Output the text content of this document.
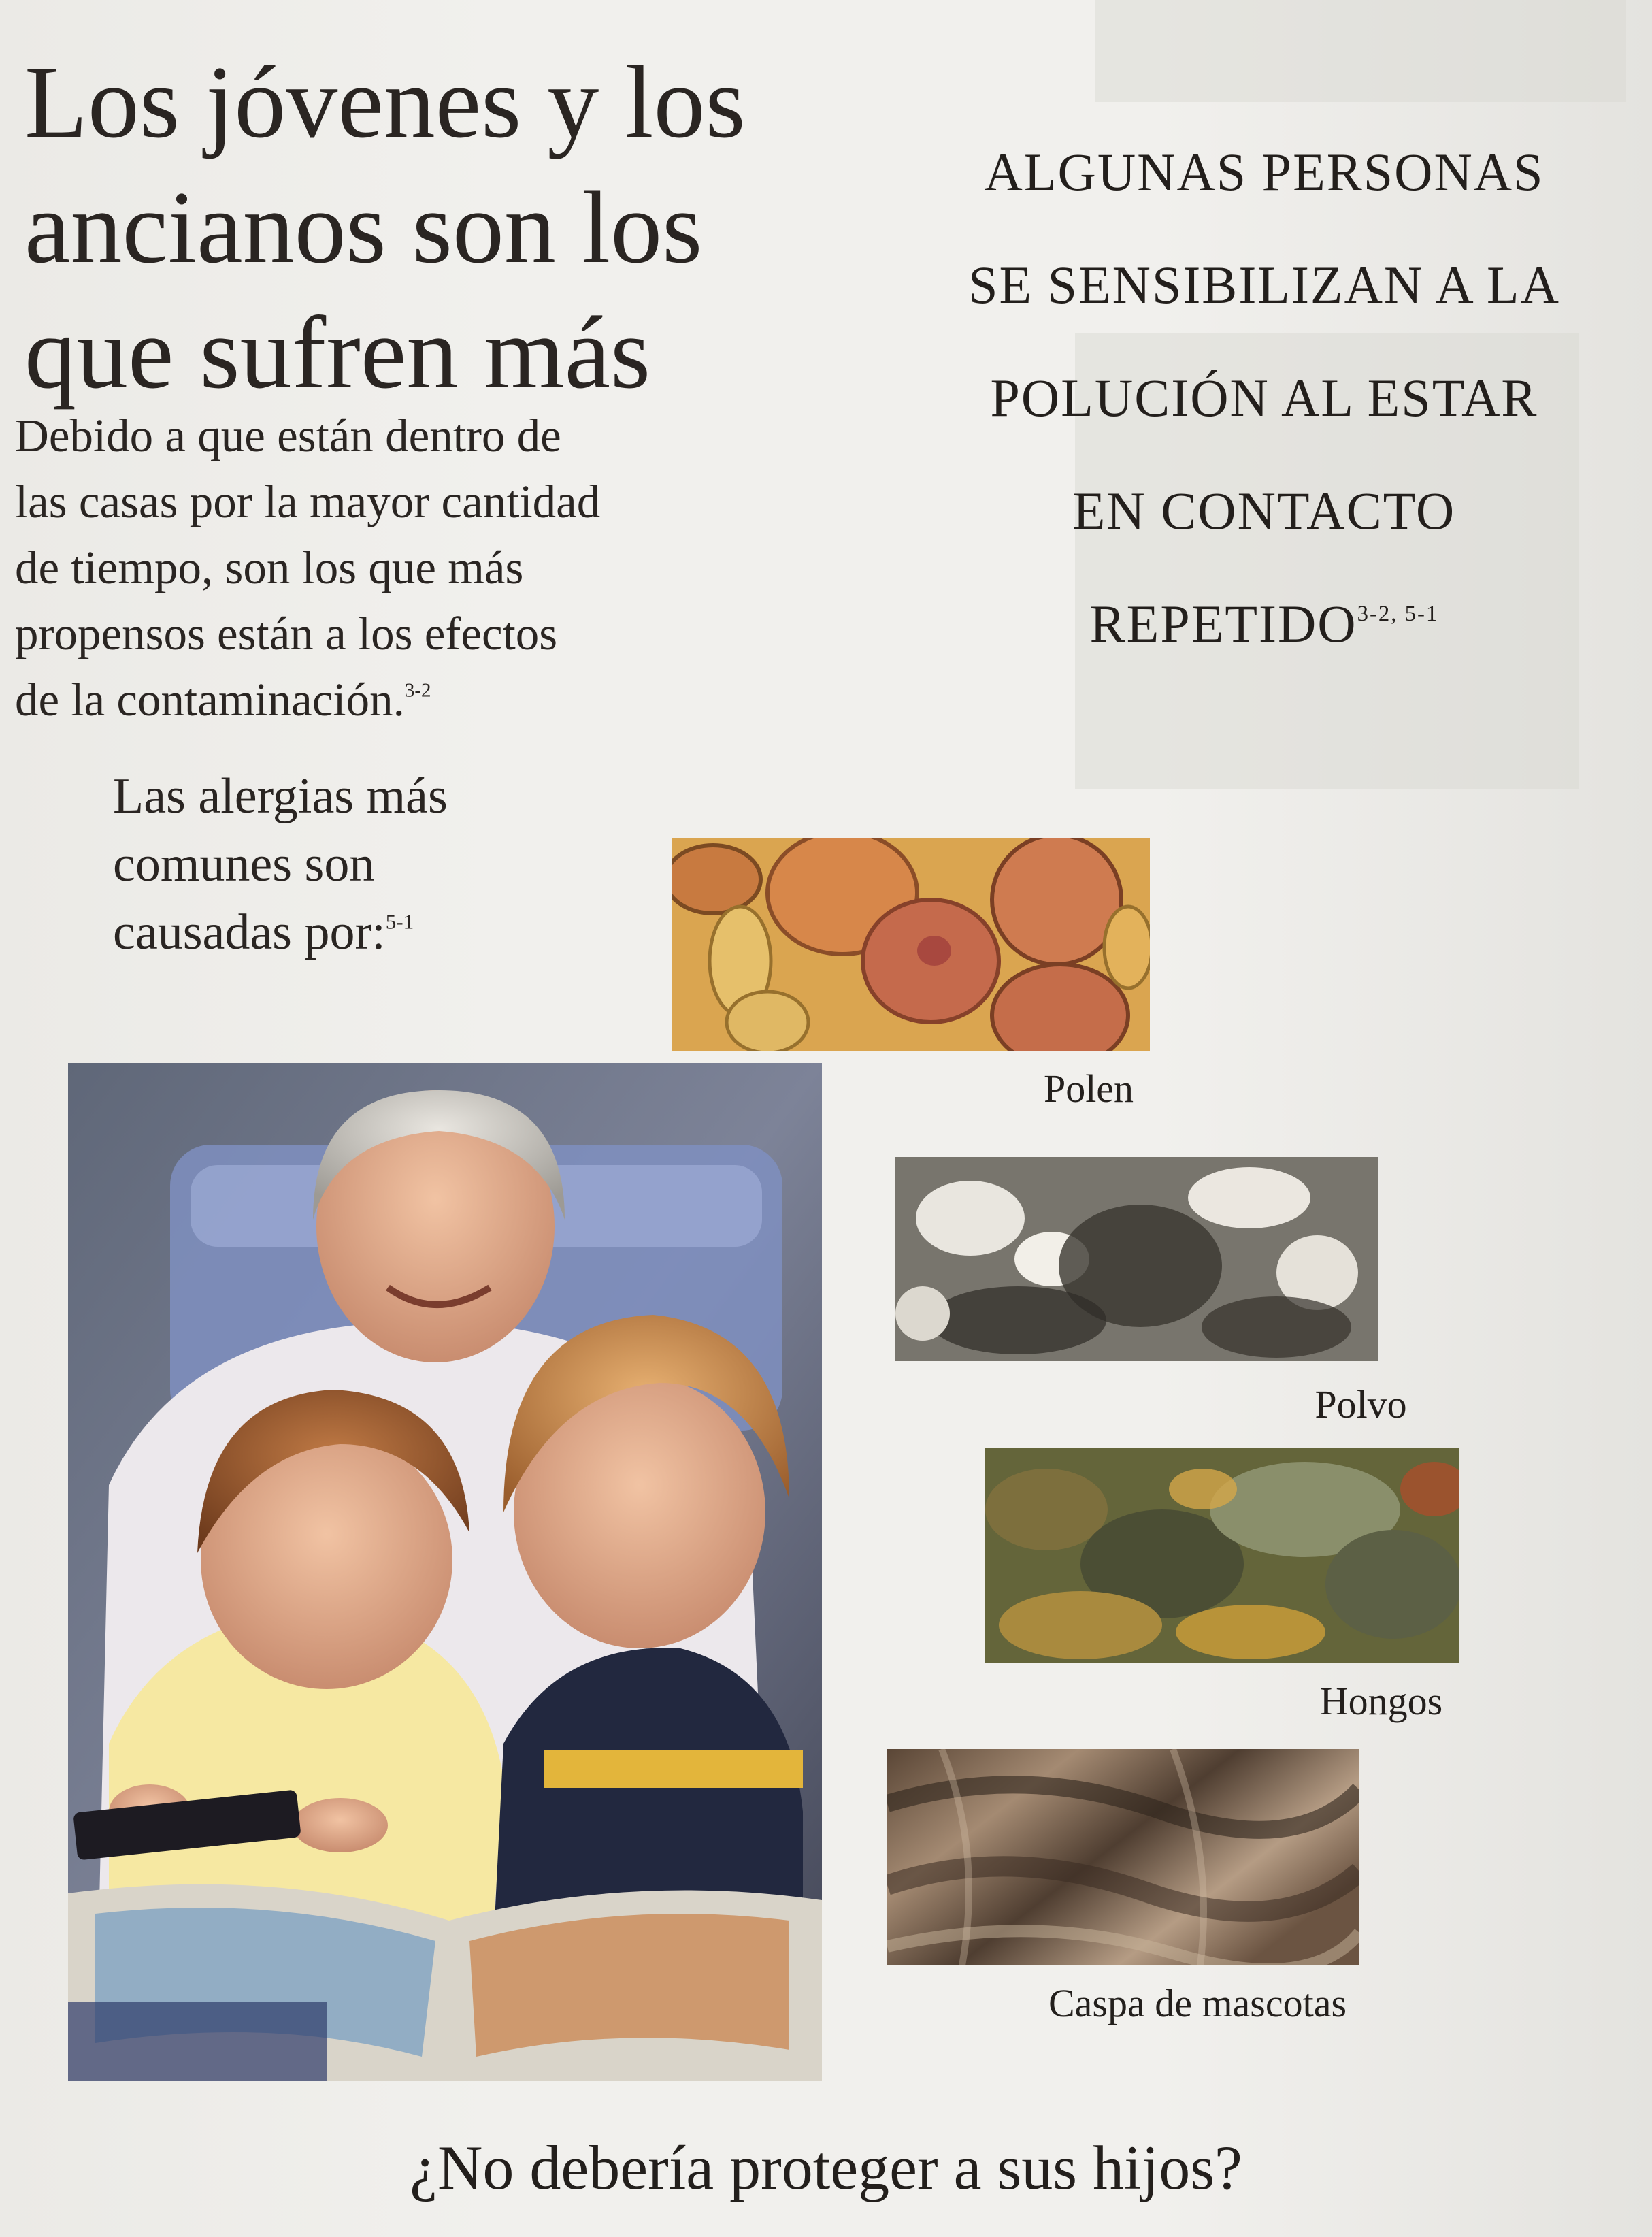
Los jóvenes y los
ancianos son los
que sufren más
Debido a que están dentro de
las casas por la mayor cantidad
de tiempo, son los que más
propensos están a los efectos
de la contaminación.$^{3-2}$
ALGUNAS PERSONAS
SE SENSIBILIZAN A LA
POLUCIÓN AL ESTAR
EN CONTACTO
REPETIDO$^{3-2, 5-1}$
Las alergias más
comunes son
causadas por:$^{5-1}$
Polen
Polvo
Hongos
Caspa de mascotas
¿No debería proteger a sus hijos?
